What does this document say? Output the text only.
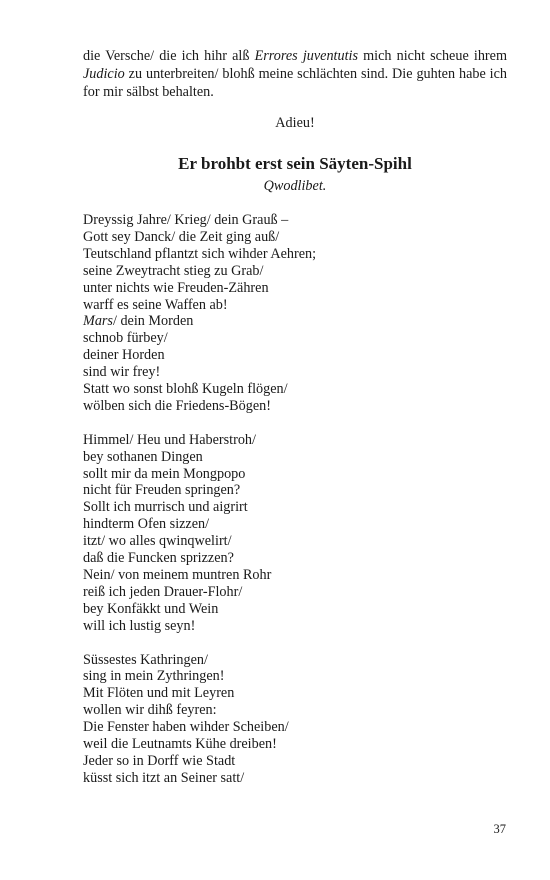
die Versche/ die ich hihr alß Errores juventutis mich nicht scheue ihrem Judicio zu unterbreiten/ blohß meine schlächten sind. Die guhten habe ich for mir sälbst behalten.

Adieu!

Er brohbt erst sein Säyten-Spihl

Qwodlibet.

Dreyssig Jahre/ Krieg/ dein Grauß –
Gott sey Danck/ die Zeit ging auß/
Teutschland pflantzt sich wihder Aehren;
seine Zweytracht stieg zu Grab/
unter nichts wie Freuden-Zähren
warff es seine Waffen ab!
Mars/ dein Morden
schnob fürbey/
deiner Horden
sind wir frey!
Statt wo sonst blohß Kugeln flögen/
wölben sich die Friedens-Bögen!
Himmel/ Heu und Haberstroh/
bey sothanen Dingen
sollt mir da mein Mongpopo
nicht für Freuden springen?
Sollt ich murrisch und aigrirt
hindterm Ofen sizzen/
itzt/ wo alles qwinqwelirt/
daß die Funcken sprizzen?
Nein/ von meinem muntren Rohr
reiß ich jeden Drauer-Flohr/
bey Konfäkkt und Wein
will ich lustig seyn!
Süssestes Kathringen/
sing in mein Zythringen!
Mit Flöten und mit Leyren
wollen wir dihß feyren:
Die Fenster haben wihder Scheiben/
weil die Leutnamts Kühe dreiben!
Jeder so in Dorff wie Stadt
küsst sich itzt an Seiner satt/
37
